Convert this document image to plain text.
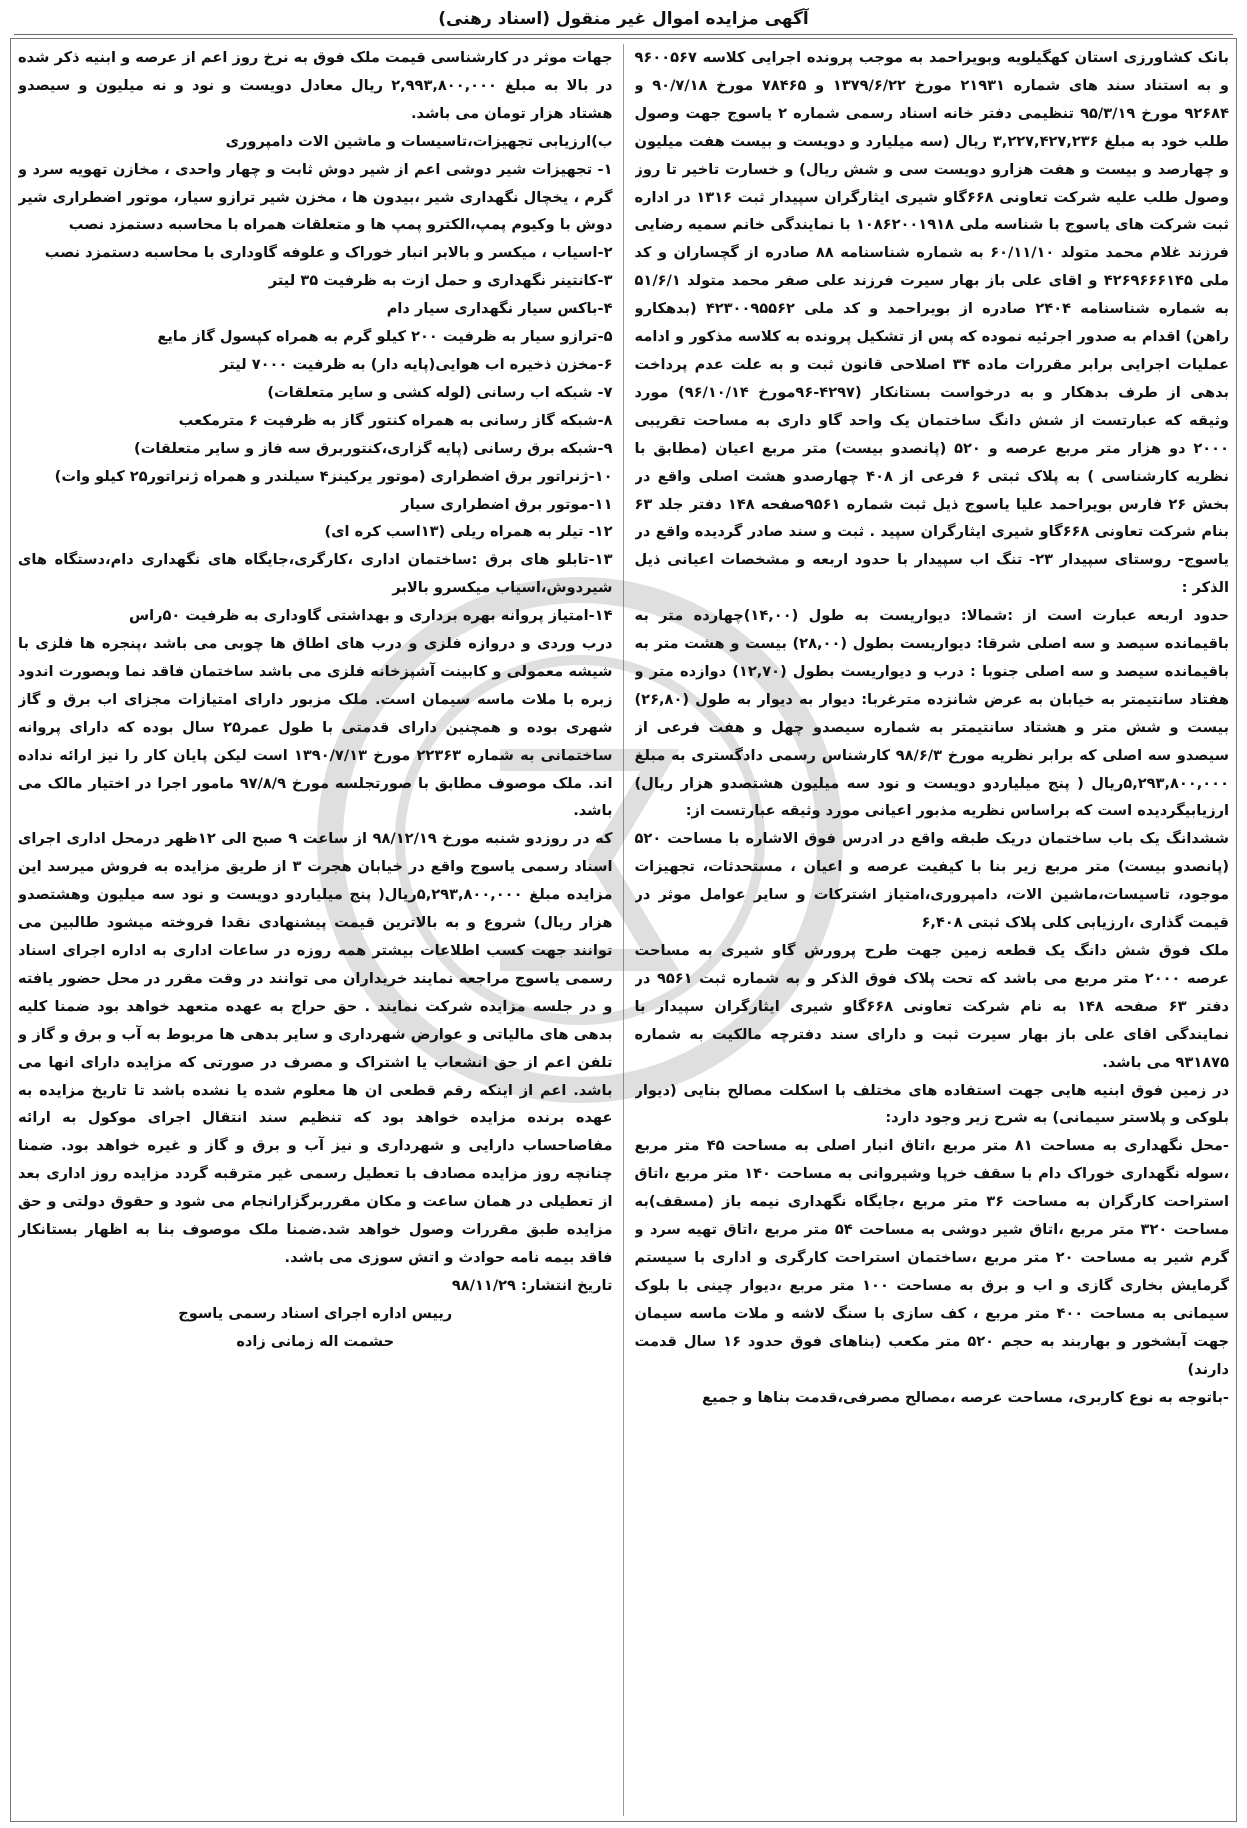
آگهی مزایده اموال غیر منقول (اسناد رهنی)

بانک کشاورزی استان کهگیلویه وبویراحمد به موجب پرونده اجرایی کلاسه ۹۶۰۰۵۶۷ و به استناد سند های شماره ۲۱۹۳۱ مورخ ۱۳۷۹/۶/۲۲ و ۷۸۴۶۵ مورخ ۹۰/۷/۱۸ و ۹۲۶۸۴ مورخ ۹۵/۳/۱۹ تنظیمی دفتر خانه اسناد رسمی شماره ۲ یاسوج جهت وصول طلب خود به مبلغ ۳,۲۲۷,۴۲۷,۲۳۶ ریال (سه میلیارد و دویست و بیست هفت میلیون و چهارصد و بیست و هفت هزارو دویست سی و شش ریال) و خسارت تاخیر تا روز وصول طلب علیه شرکت تعاونی ۶۶۸گاو شیری ایثارگران سپیدار ثبت ۱۳۱۶ در اداره ثبت شرکت های یاسوج با شناسه ملی ۱۰۸۶۲۰۰۱۹۱۸ با نمایندگی خانم سمیه رضایی فرزند غلام محمد متولد ۶۰/۱۱/۱۰ به شماره شناسنامه ۸۸ صادره از گچساران و کد ملی ۴۲۶۹۶۶۶۱۴۵ و اقای علی باز بهار سیرت فرزند علی صفر محمد متولد ۵۱/۶/۱ به شماره شناسنامه ۲۴۰۴ صادره از بویراحمد و کد ملی ۴۲۳۰۰۹۵۵۶۲ (بدهکارو راهن) اقدام به صدور اجرئیه نموده که پس از تشکیل پرونده به کلاسه مذکور و ادامه عملیات اجرایی برابر مقررات ماده ۳۴ اصلاحی قانون ثبت و به علت عدم پرداخت بدهی از طرف بدهکار و به درخواست بستانکار (۴۲۹۷-۹۶مورخ ۹۶/۱۰/۱۴) مورد وثیقه که عبارتست از شش دانگ ساختمان یک واحد گاو داری به مساحت تقریبی ۲۰۰۰ دو هزار متر مربع عرصه و ۵۲۰ (پانصدو بیست) متر مربع اعیان (مطابق با نظریه کارشناسی ) به پلاک ثبتی ۶ فرعی از ۴۰۸ چهارصدو هشت اصلی واقع در بخش ۲۶ فارس بویراحمد علیا یاسوج ذیل ثبت شماره ۹۵۶۱صفحه ۱۴۸ دفتر جلد ۶۳ بنام شرکت تعاونی ۶۶۸گاو شیری ایثارگران سپید . ثبت و سند صادر گردیده واقع در یاسوج- روستای سپیدار ۲۳- تنگ اب سپیدار با حدود اربعه و مشخصات اعیانی ذیل الذکر :

حدود اربعه عبارت است از :شمالا: دیواریست به طول (۱۴,۰۰)چهارده متر به باقیمانده سیصد و سه اصلی شرقا: دیواریست بطول (۲۸,۰۰) بیست و هشت متر به باقیمانده سیصد و سه اصلی جنوبا : درب و دیواریست بطول (۱۲,۷۰) دوازده متر و هفتاد سانتیمتر به خیابان به عرض شانزده مترغربا: دیوار به دیوار به طول (۲۶,۸۰) بیست و شش متر و هشتاد سانتیمتر به شماره سیصدو چهل و هفت فرعی از سیصدو سه اصلی که برابر نظریه مورخ ۹۸/۶/۳ کارشناس رسمی دادگستری به مبلغ ۵,۲۹۳,۸۰۰,۰۰۰ریال ( پنج میلیاردو دویست و نود سه میلیون هشتصدو هزار ریال) ارزیابیگردیده است که براساس نظریه مذبور اعیانی مورد وثیقه عبارتست از:

ششدانگ یک باب ساختمان دریک طبقه واقع در ادرس فوق الاشاره با مساحت ۵۲۰ (پانصدو بیست) متر مربع زیر بنا با کیفیت عرصه و اعیان ، مستحدثات، تجهیزات موجود، تاسیسات،ماشین الات، دامپروری،امتیاز اشترکات و سایر عوامل موثر در قیمت گذاری ،ارزیابی کلی پلاک ثبتی ۶,۴۰۸

ملک فوق شش دانگ یک قطعه زمین جهت طرح پرورش گاو شیری به مساحت عرصه ۲۰۰۰ متر مربع می باشد که تحت پلاک فوق الذکر و به شماره ثبت ۹۵۶۱ در دفتر ۶۳ صفحه ۱۴۸ به نام شرکت تعاونی ۶۶۸گاو شیری ایثارگران سپیدار با نمایندگی اقای علی باز بهار سیرت ثبت و دارای سند دفترچه مالکیت به شماره ۹۳۱۸۷۵ می باشد.

در زمین فوق ابنیه هایی جهت استفاده های مختلف با اسکلت مصالح بنایی (دیوار بلوکی و پلاستر سیمانی) به شرح زیر وجود دارد:

-محل نگهداری به مساحت ۸۱ متر مربع ،اتاق انبار اصلی به مساحت ۴۵ متر مربع ،سوله نگهداری خوراک دام با سقف خرپا وشیروانی به مساحت ۱۴۰ متر مربع ،اتاق استراحت کارگران به مساحت ۳۶ متر مربع ،جایگاه نگهداری نیمه باز (مسقف)به مساحت ۳۲۰ متر مربع ،اتاق شیر دوشی به مساحت ۵۴ متر مربع ،اتاق تهیه سرد و گرم شیر به مساحت ۲۰ متر مربع ،ساختمان استراحت کارگری و اداری با سیستم گرمایش بخاری گازی و اب و برق به مساحت ۱۰۰ متر مربع ،دیوار چینی با بلوک سیمانی به مساحت ۴۰۰ متر مربع ، کف سازی با سنگ لاشه و ملات ماسه سیمان جهت آبشخور و بهاربند به حجم ۵۲۰ متر مکعب (بناهای فوق حدود ۱۶ سال قدمت دارند)

-باتوجه به نوع کاربری، مساحت عرصه ،مصالح مصرفی،قدمت بناها و جمیع

جهات موثر در کارشناسی قیمت ملک فوق به نرخ روز اعم از عرصه و ابنیه ذکر شده در بالا به مبلغ ۲,۹۹۳,۸۰۰,۰۰۰ ریال معادل دویست و نود و نه میلیون و سیصدو هشتاد هزار تومان می باشد.

ب)ارزیابی تجهیزات،تاسیسات و ماشین الات دامپروری

۱- تجهیزات شیر دوشی اعم از شیر دوش ثابت و چهار واحدی ، مخازن تهویه سرد و گرم ، یخچال نگهداری شیر ،بیدون ها ، مخزن شیر ترازو سیار، موتور اضطراری شیر دوش با وکیوم پمپ،الکترو پمپ ها و متعلقات همراه با محاسبه دستمزد نصب

۲-اسیاب ، میکسر و بالابر انبار خوراک و علوفه گاوداری با محاسبه دستمزد نصب

۳-کانتینر نگهداری و حمل ازت به ظرفیت ۳۵ لیتر

۴-باکس سیار نگهداری سیار دام

۵-ترازو سیار به ظرفیت ۲۰۰ کیلو گرم به همراه کپسول گاز مایع

۶-مخزن ذخیره اب هوایی(پایه دار) به ظرفیت ۷۰۰۰ لیتر

۷- شبکه اب رسانی (لوله کشی و سایر متعلقات)

۸-شبکه گاز رسانی به همراه کنتور گاز به ظرفیت ۶ مترمکعب

۹-شبکه برق رسانی (پایه گزاری،کنتوربرق سه فاز و سایر متعلقات)

۱۰-ژنراتور برق اضطراری (موتور یرکینز۴ سیلندر و همراه ژنراتور۲۵ کیلو وات)

۱۱-موتور برق اضطراری سیار

۱۲- تیلر به همراه ریلی (۱۳اسب کره ای)

۱۳-تابلو های برق :ساختمان اداری ،کارگری،جایگاه های نگهداری دام،دستگاه های شیردوش،اسیاب میکسرو بالابر

۱۴-امتیاز پروانه بهره برداری و بهداشتی گاوداری به ظرفیت ۵۰راس

درب وردی و دروازه فلزی و درب های اطاق ها چوبی می باشد ،پنجره ها فلزی با شیشه معمولی و کابینت آشپزخانه فلزی می باشد ساختمان فاقد نما وبصورت اندود زبره با ملات ماسه سیمان است. ملک مزبور دارای امتیازات مجزای اب برق و گاز شهری بوده و همچنین دارای قدمتی با طول عمر۲۵ سال بوده که دارای پروانه ساختمانی به شماره ۲۲۳۶۳ مورخ ۱۳۹۰/۷/۱۳ است لیکن پایان کار را نیز ارائه نداده اند. ملک موصوف مطابق با صورتجلسه مورخ ۹۷/۸/۹ مامور اجرا در اختیار مالک می باشد.

که در روزدو شنبه مورخ ۹۸/۱۲/۱۹ از ساعت ۹ صبح الی ۱۲ظهر درمحل اداری اجرای اسناد رسمی یاسوج واقع در خیابان هجرت ۳ از طریق مزایده به فروش میرسد این مزایده مبلغ ۵,۲۹۳,۸۰۰,۰۰۰ریال( پنج میلیاردو دویست و نود سه میلیون وهشتصدو هزار ریال) شروع و به بالاترین قیمت پیشنهادی نقدا فروخته میشود طالبین می توانند جهت کسب اطلاعات بیشتر همه روزه در ساعات اداری به اداره اجرای اسناد رسمی یاسوج مراجعه نمایند خریداران می توانند در وقت مقرر در محل حضور یافته و در جلسه مزایده شرکت نمایند . حق حراج به عهده متعهد خواهد بود ضمنا کلیه بدهی های مالیاتی و عوارض شهرداری و سایر بدهی ها مربوط به آب و برق و گاز و تلفن اعم از حق انشعاب یا اشتراک و مصرف در صورتی که مزایده دارای انها می باشد. اعم از اینکه رقم قطعی ان ها معلوم شده یا نشده باشد تا تاریخ مزایده به عهده برنده مزایده خواهد بود که تنظیم سند انتقال اجرای موکول به ارائه مفاصاحساب دارایی و شهرداری و نیز آب و برق و گاز و غیره خواهد بود. ضمنا چنانچه روز مزایده مصادف با تعطیل رسمی غیر مترقبه گردد مزایده روز اداری بعد از تعطیلی در همان ساعت و مکان مقرربرگزارانجام می شود و حقوق دولتی و حق مزایده طبق مقررات وصول خواهد شد.ضمنا ملک موصوف بنا به اظهار بستانکار فاقد بیمه نامه حوادث و اتش سوزی می باشد.

تاریخ انتشار: ۹۸/۱۱/۲۹

رییس اداره اجرای اسناد رسمی یاسوج

حشمت اله زمانی زاده
